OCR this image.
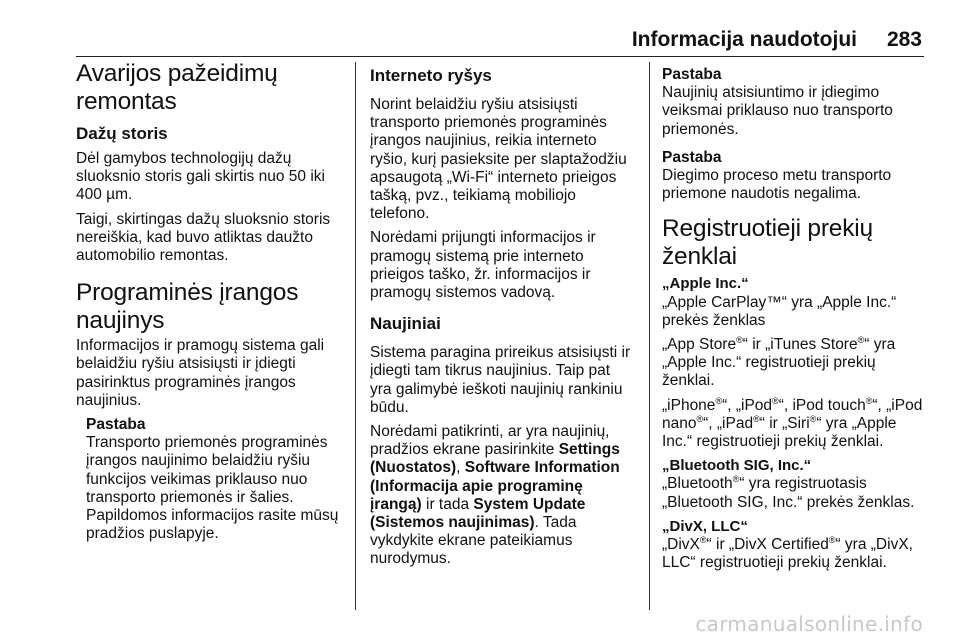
Informacija naudotojui 283
Avarijos pažeidimų remontas
Dažų storis

Dėl gamybos technologijų dažų sluoksnio storis gali skirtis nuo 50 iki 400 µm.

Taigi, skirtingas dažų sluoksnio storis nereiškia, kad buvo atliktas daužto automobilio remontas.

Programinės įrangos naujinys

Informacijos ir pramogų sistema gali belaidžiu ryšiu atsisiųsti ir įdiegti pasirinktus programinės įrangos naujinius.

Pastaba
Transporto priemonės programinės įrangos naujinimo belaidžiu ryšiu funkcijos veikimas priklauso nuo transporto priemonės ir šalies. Papildomos informacijos rasite mūsų pradžios puslapyje.
Interneto ryšys

Norint belaidžiu ryšiu atsisiųsti transporto priemonės programinės įrangos naujinius, reikia interneto ryšio, kurį pasieksite per slaptažodžiu apsaugotą „Wi-Fi“ interneto prieigos tašką, pvz., teikiamą mobiliojo telefono.

Norėdami prijungti informacijos ir pramogų sistemą prie interneto prieigos taško, žr. informacijos ir pramogų sistemos vadovą.

Naujiniai

Sistema paragina prireikus atsisiųsti ir įdiegti tam tikrus naujinius. Taip pat yra galimybė ieškoti naujinių rankiniu būdu.

Norėdami patikrinti, ar yra naujinių, pradžios ekrane pasirinkite Settings (Nuostatos), Software Information (Informacija apie programinę įrangą) ir tada System Update (Sistemos naujinimas). Tada vykdykite ekrane pateikiamus nurodymus.

Pastaba
Naujinių atsisiuntimo ir įdiegimo veiksmai priklauso nuo transporto priemonės.
Pastaba
Diegimo proceso metu transporto priemone naudotis negalima.
Registruotieji prekių ženklai
„Apple Inc.“

„Apple CarPlay™“ yra „Apple Inc.“ prekės ženklas

„App Store®“ ir „iTunes Store®“ yra „Apple Inc.“ registruotieji prekių ženklai.

„iPhone®“, „iPod®“, iPod touch®“, „iPod nano®“, „iPad®“ ir „Siri®“ yra „Apple Inc.“ registruotieji prekių ženklai.

„Bluetooth SIG, Inc.“

„Bluetooth®“ yra registruotasis „Bluetooth SIG, Inc.“ prekės ženklas.

„DivX, LLC“

„DivX®“ ir „DivX Certified®“ yra „DivX, LLC“ registruotieji prekių ženklai.

carmanualsonline.info
